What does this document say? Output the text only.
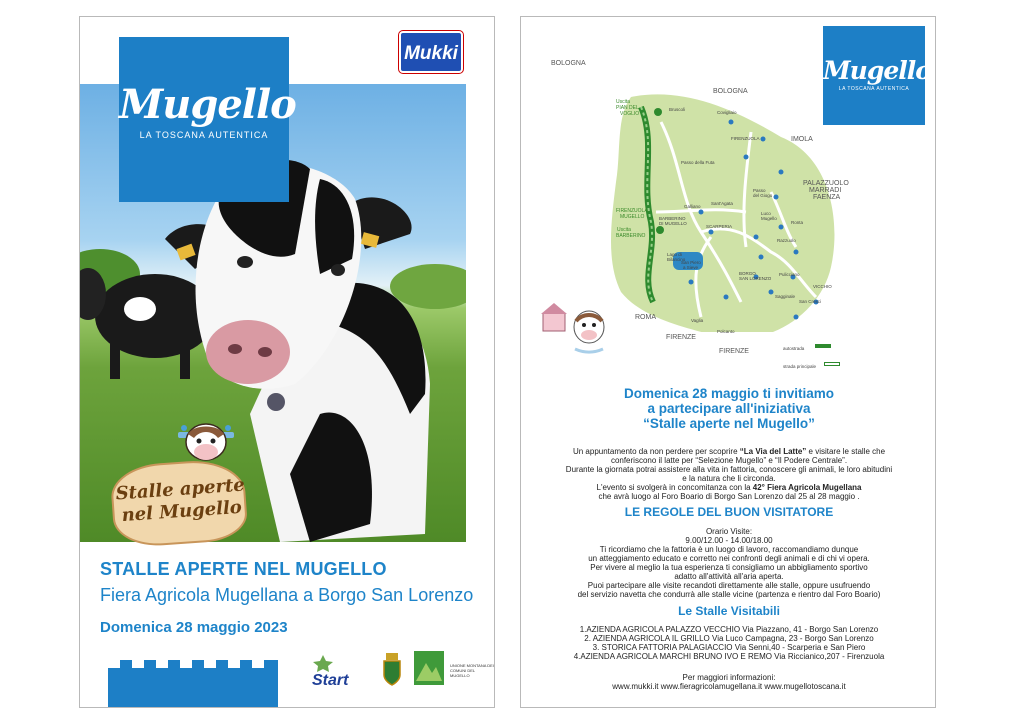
Mugello
LA TOSCANA AUTENTICA
Mukki
Stalle aperte
nel Mugello
STALLE APERTE NEL MUGELLO
Fiera Agricola Mugellana a Borgo San Lorenzo
Domenica 28 maggio 2023
Start
UNIONE MONTANA DEI COMUNI DEL MUGELLO
Mugello
LA TOSCANA AUTENTICA
BOLOGNA
BOLOGNA
IMOLA
PALAZZUOLO
MARRADI
FAENZA
Uscita
PIAN DEL
VOGLIO
FIRENZUOLA
MUGELLO
Uscita
BARBERINO
ROMA
FIRENZE
FIRENZE
FIRENZUOLA
BARBERINO
DI MUGELLO
SCARPERIA
BORGO
SAN LORENZO
VICCHIO
Bruscoli
Covigliaio
Passo della Futa
Galliano
Sant'Agata
Lago di
Bilancino
San Piero
a Sieve
Ronta
Razzuolo
Luco
Mugello
Passo
del Giogo
Polcanto
Vaglia
Sagginale
Pulicciano
San Cresci
autostrada
strada principale
Domenica 28 maggio ti invitiamo
a partecipare all'iniziativa
“Stalle aperte nel Mugello”
Un appuntamento da non perdere per scoprire “La Via del Latte” e visitare le stalle che
conferiscono il latte per “Selezione Mugello” e “Il Podere Centrale”.
Durante la giornata potrai assistere alla vita in fattoria, conoscere gli animali, le loro abitudini
e la natura che li circonda.
L'evento si svolgerà in concomitanza con la 42° Fiera Agricola Mugellana
che avrà luogo al Foro Boario di Borgo San Lorenzo dal 25 al 28 maggio .
LE REGOLE DEL BUON VISITATORE
Orario Visite:
9.00/12.00 - 14.00/18.00
Ti ricordiamo che la fattoria è un luogo di lavoro, raccomandiamo dunque
un atteggiamento educato e corretto nei confronti degli animali e di chi vi opera.
Per vivere al meglio la tua esperienza ti consigliamo un abbigliamento sportivo
adatto all'attività all'aria aperta.
Puoi partecipare alle visite recandoti direttamente alle stalle, oppure usufruendo
del servizio navetta che condurrà alle stalle vicine (partenza e rientro dal Foro Boario)
Le Stalle Visitabili
1.AZIENDA AGRICOLA PALAZZO VECCHIO Via Piazzano, 41 - Borgo San Lorenzo
2. AZIENDA AGRICOLA IL GRILLO Via Luco Campagna, 23 - Borgo San Lorenzo
3. STORICA FATTORIA PALAGIACCIO Via Senni,40 - Scarperia e San Piero
4.AZIENDA AGRICOLA MARCHI BRUNO IVO E REMO Via Riccianico,207 - Firenzuola
Per maggiori informazioni:
www.mukki.it www.fieragricolamugellana.it www.mugellotoscana.it
